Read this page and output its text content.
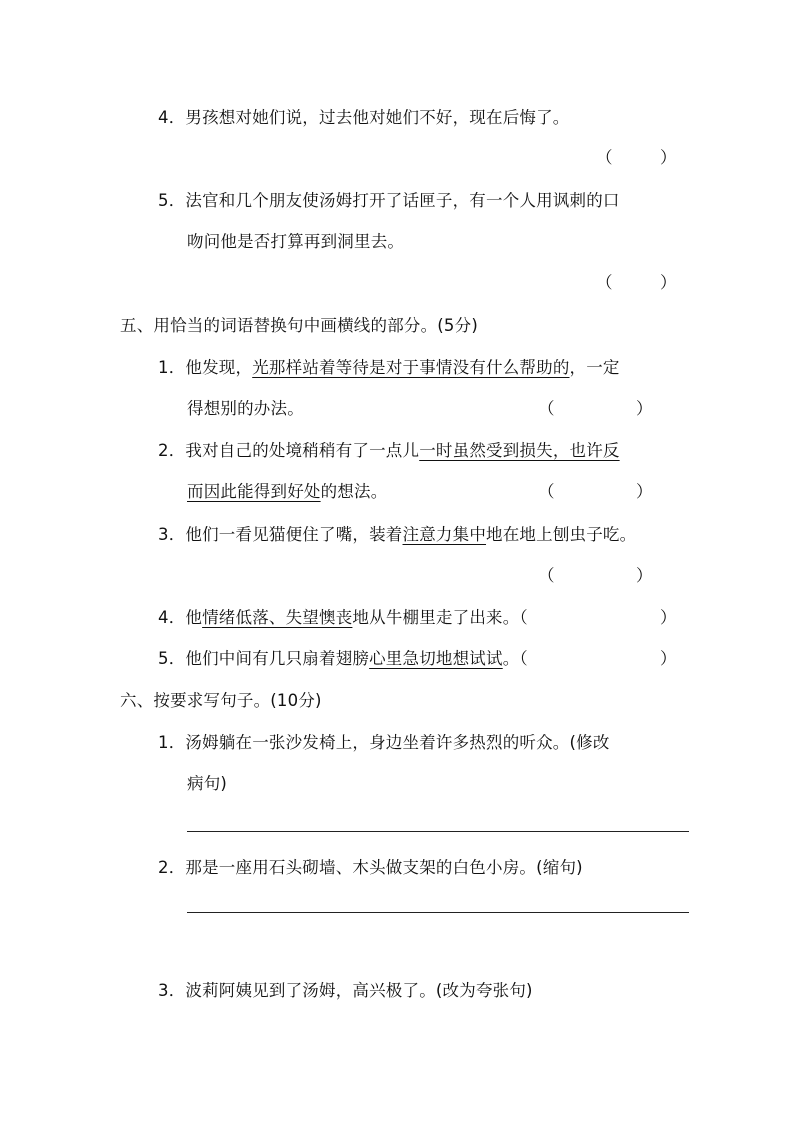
4．男孩想对她们说，过去他对她们不好，现在后悔了。
（	）
5．法官和几个朋友使汤姆打开了话匣子，有一个人用讽刺的口
吻问他是否打算再到洞里去。
（	）
五、用恰当的词语替换句中画横线的部分。(5分)
1．他发现，光那样站着等待是对于事情没有什么帮助的，一定
得想别的办法。	（	）
2．我对自己的处境稍稍有了一点儿一时虽然受到损失，也许反
而因此能得到好处的想法。	（	）
3．他们一看见猫便住了嘴，装着注意力集中地在地上刨虫子吃。
（	）
4．他情绪低落、失望懊丧地从牛棚里走了出来。（	）
5．他们中间有几只扇着翅膀心里急切地想试试。（	）
六、按要求写句子。(10分)
1．汤姆躺在一张沙发椅上，身边坐着许多热烈的听众。(修改
病句)
2．那是一座用石头砌墙、木头做支架的白色小房。(缩句)
3．波莉阿姨见到了汤姆，高兴极了。(改为夸张句)
